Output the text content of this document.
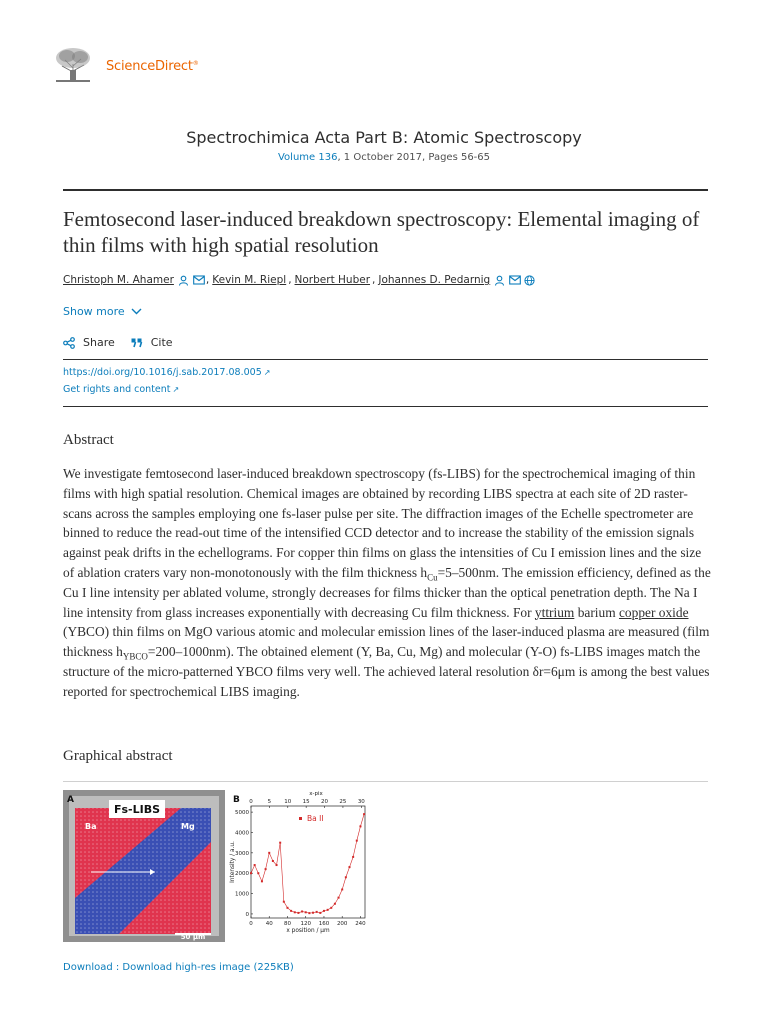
ScienceDirect®
Spectrochimica Acta Part B: Atomic Spectroscopy
Volume 136, 1 October 2017, Pages 56-65
Femtosecond laser-induced breakdown spectroscopy: Elemental imaging of thin films with high spatial resolution
Christoph M. Ahamer	, Kevin M. Riepl , Norbert Huber , Johannes D. Pedarnig
Show more
Share	Cite
https://doi.org/10.1016/j.sab.2017.08.005 ↗
Get rights and content ↗
Abstract

We investigate femtosecond laser-induced breakdown spectroscopy (fs-LIBS) for the spectrochemical imaging of thin films with high spatial resolution. Chemical images are obtained by recording LIBS spectra at each site of 2D raster-scans across the samples employing one fs-laser pulse per site. The diffraction images of the Echelle spectrometer are binned to reduce the read-out time of the intensified CCD detector and to increase the stability of the emission signals against peak drifts in the echellograms. For copper thin films on glass the intensities of Cu I emission lines and the size of ablation craters vary non-monotonously with the film thickness $h_{Cu}=5-500nm$. The emission efficiency, defined as the Cu I line intensity per ablated volume, strongly decreases for films thicker than the optical penetration depth. The Na I line intensity from glass increases exponentially with decreasing Cu film thickness. For yttrium barium copper oxide (YBCO) thin films on MgO various atomic and molecular emission lines of the laser-induced plasma are measured (film thickness $h_{YBCO}=200-1000nm$). The obtained element (Y, Ba, Cu, Mg) and molecular (Y-O) fs-LIBS images match the structure of the micro-patterned YBCO films very well. The achieved lateral resolution δr=6μm is among the best values reported for spectrochemical LIBS imaging.

Graphical abstract
A
Fs-LIBS
Ba	Mg
50 µm
B
x-pix
0 40 80 120 160 200 240
0	5 10 15 20 25 30
0
1000
2000
3000
4000
5000
x position / µm
Intensity / a.u.
Ba II
Download : Download high-res image (225KB)
